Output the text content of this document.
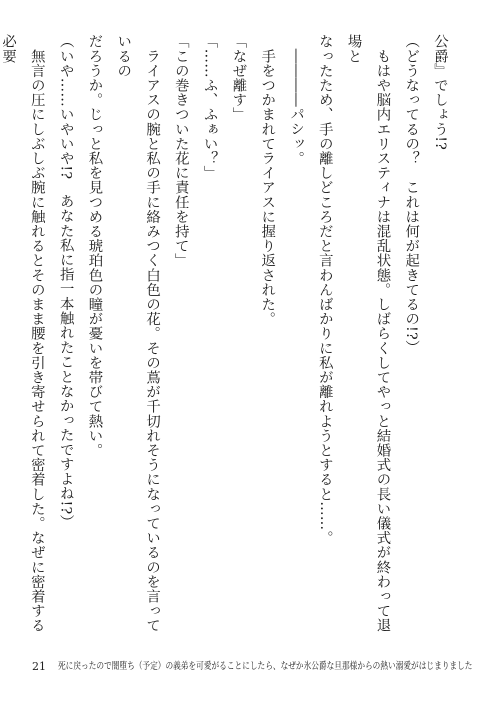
公爵』でしょう!?

（どうなってるの？　これは何が起きてるの!?）

　もはや脳内エリスティナは混乱状態。しばらくしてやっと結婚式の長い儀式が終わって退場と

なったため、手の離しどころだと言わんばかりに私が離れようとすると……。

　――――パシッ。

　手をつかまれてライアスに握り返された。

「なぜ離す」

「……ふ、ふぁい？」

「この巻きついた花に責任を持て」

　ライアスの腕と私の手に絡みつく白色の花。その蔦が千切れそうになっているのを言っているの

だろうか。じっと私を見つめる琥珀色の瞳が憂いを帯びて熱い。

（いや……いやいや!?　あなた私に指一本触れたことなかったですよね!?）

　無言の圧にしぶしぶ腕に触れるとそのまま腰を引き寄せられて密着した。なぜに密着する必要

21 死に戻ったので闇堕ち（予定）の義弟を可愛がることにしたら、なぜか氷公爵な旦那様からの熱い溺愛がはじまりました
